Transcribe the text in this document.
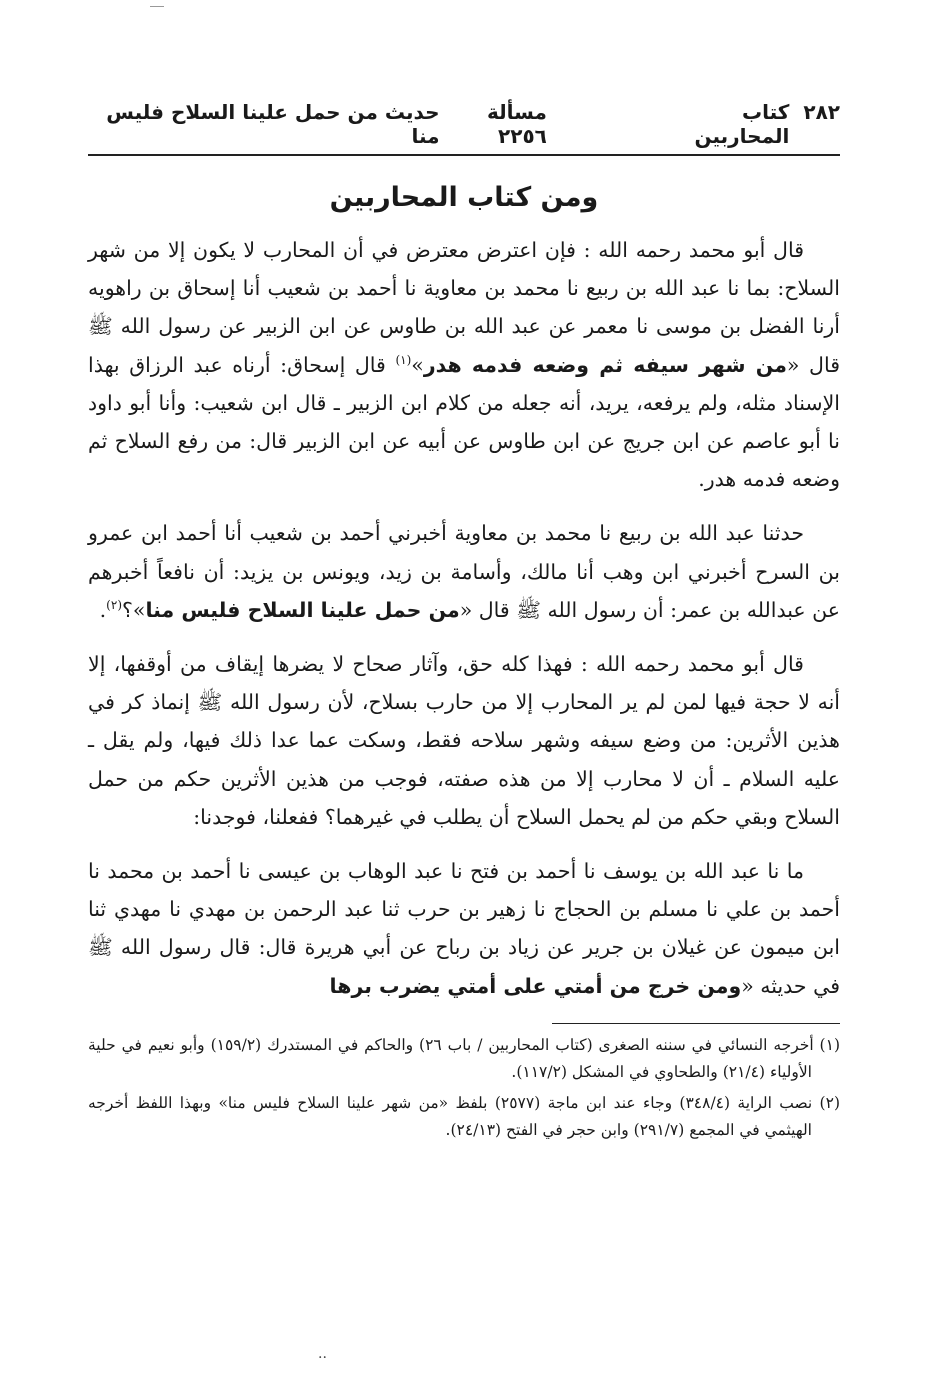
٢٨٢
كتاب المحاربين
مسألة ٢٢٥٦
حديث من حمل علينا السلاح فليس منا
ومن كتاب المحاربين

قال أبو محمد رحمه الله : فإن اعترض معترض في أن المحارب لا يكون إلا من شهر السلاح: بما نا عبد الله بن ربيع نا محمد بن معاوية نا أحمد بن شعيب أنا إسحاق بن راهويه أرنا الفضل بن موسى نا معمر عن عبد الله بن طاوس عن ابن الزبير عن رسول الله ﷺ قال «من شهر سيفه ثم وضعه فدمه هدر»$^{(١)}$ قال إسحاق: أرناه عبد الرزاق بهذا الإسناد مثله، ولم يرفعه، يريد، أنه جعله من كلام ابن الزبير ـ قال ابن شعيب: وأنا أبو داود نا أبو عاصم عن ابن جريج عن ابن طاوس عن أبيه عن ابن الزبير قال: من رفع السلاح ثم وضعه فدمه هدر.

حدثنا عبد الله بن ربيع نا محمد بن معاوية أخبرني أحمد بن شعيب أنا أحمد ابن عمرو بن السرح أخبرني ابن وهب أنا مالك، وأسامة بن زيد، ويونس بن يزيد: أن نافعاً أخبرهم عن عبدالله بن عمر: أن رسول الله ﷺ قال «من حمل علينا السلاح فليس منا»؟$^{(٢)}$.

قال أبو محمد رحمه الله : فهذا كله حق، وآثار صحاح لا يضرها إيقاف من أوقفها، إلا أنه لا حجة فيها لمن لم ير المحارب إلا من حارب بسلاح، لأن رسول الله ﷺ إنماذ كر في هذين الأثرين: من وضع سيفه وشهر سلاحه فقط، وسكت عما عدا ذلك فيها، ولم يقل ـ عليه السلام ـ أن لا محارب إلا من هذه صفته، فوجب من هذين الأثرين حكم من حمل السلاح وبقي حكم من لم يحمل السلاح أن يطلب في غيرهما؟ ففعلنا، فوجدنا:

ما نا عبد الله بن يوسف نا أحمد بن فتح نا عبد الوهاب بن عيسى نا أحمد بن محمد نا أحمد بن علي نا مسلم بن الحجاج نا زهير بن حرب ثنا عبد الرحمن بن مهدي نا مهدي ثنا ابن ميمون عن غيلان بن جرير عن زياد بن رباح عن أبي هريرة قال: قال رسول الله ﷺ في حديثه «ومن خرج من أمتي على أمتي يضرب برها

(١) أخرجه النسائي في سننه الصغرى (كتاب المحاربين / باب ٢٦) والحاكم في المستدرك (١٥٩/٢) وأبو نعيم في حلية الأولياء (٢١/٤) والطحاوي في المشكل (١١٧/٢).

(٢) نصب الراية (٣٤٨/٤) وجاء عند ابن ماجة (٢٥٧٧) بلفظ «من شهر علينا السلاح فليس منا» وبهذا اللفظ أخرجه الهيثمي في المجمع (٢٩١/٧) وابن حجر في الفتح (٢٤/١٣).

..
